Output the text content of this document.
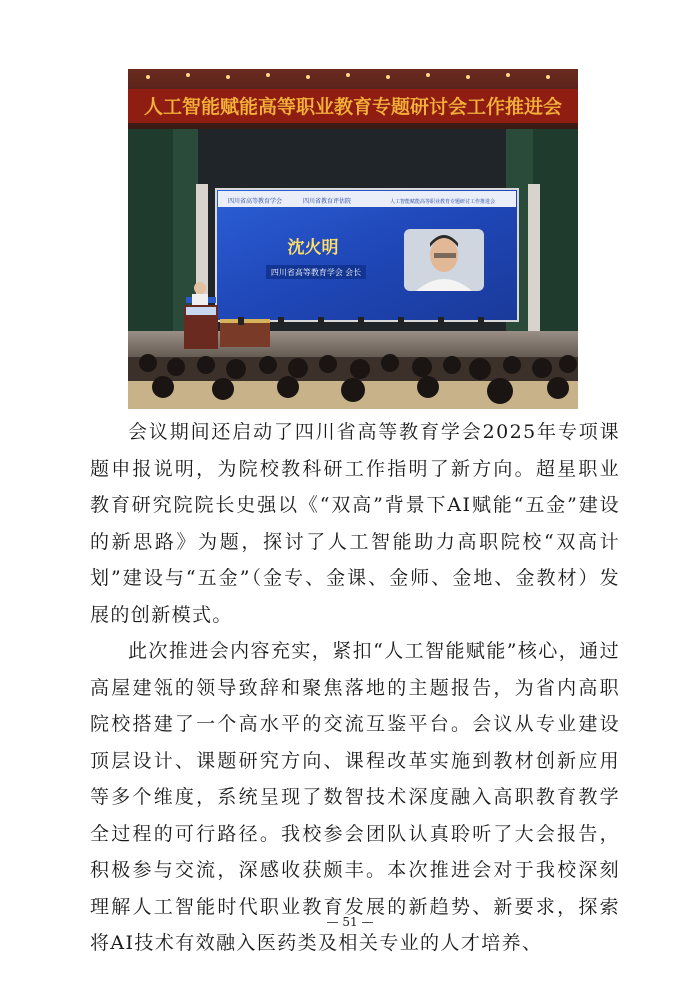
人工智能赋能高等职业教育专题研讨会工作推进会
四川省高等教育学会	四川省教育评估院	人工智能赋能高等职业教育专题研讨工作推进会
沈火明
四川省高等教育学会 会长

会议期间还启动了四川省高等教育学会2025年专项课题申报说明，为院校教科研工作指明了新方向。超星职业教育研究院院长史强以《“双高”背景下AI赋能“五金”建设的新思路》为题，探讨了人工智能助力高职院校“双高计划”建设与“五金”（金专、金课、金师、金地、金教材）发展的创新模式。

此次推进会内容充实，紧扣“人工智能赋能”核心，通过高屋建瓴的领导致辞和聚焦落地的主题报告，为省内高职院校搭建了一个高水平的交流互鉴平台。会议从专业建设顶层设计、课题研究方向、课程改革实施到教材创新应用等多个维度，系统呈现了数智技术深度融入高职教育教学全过程的可行路径。我校参会团队认真聆听了大会报告，积极参与交流，深感收获颇丰。本次推进会对于我校深刻理解人工智能时代职业教育发展的新趋势、新要求，探索将AI技术有效融入医药类及相关专业的人才培养、

— 51 —
